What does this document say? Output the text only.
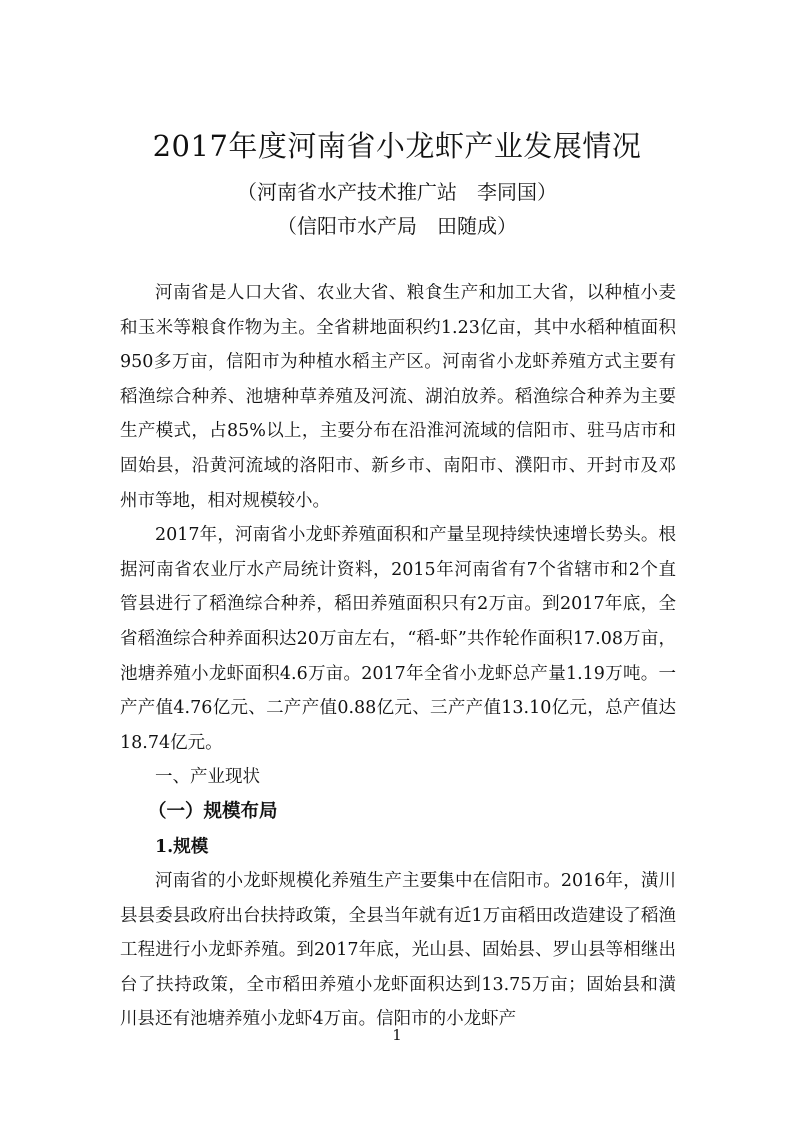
2017年度河南省小龙虾产业发展情况
（河南省水产技术推广站　李同国）
（信阳市水产局　田随成）

河南省是人口大省、农业大省、粮食生产和加工大省，以种植小麦和玉米等粮食作物为主。全省耕地面积约1.23亿亩，其中水稻种植面积950多万亩，信阳市为种植水稻主产区。河南省小龙虾养殖方式主要有稻渔综合种养、池塘种草养殖及河流、湖泊放养。稻渔综合种养为主要生产模式，占85%以上，主要分布在沿淮河流域的信阳市、驻马店市和固始县，沿黄河流域的洛阳市、新乡市、南阳市、濮阳市、开封市及邓州市等地，相对规模较小。

2017年，河南省小龙虾养殖面积和产量呈现持续快速增长势头。根据河南省农业厅水产局统计资料，2015年河南省有7个省辖市和2个直管县进行了稻渔综合种养，稻田养殖面积只有2万亩。到2017年底，全省稻渔综合种养面积达20万亩左右，“稻-虾”共作轮作面积17.08万亩，池塘养殖小龙虾面积4.6万亩。2017年全省小龙虾总产量1.19万吨。一产产值4.76亿元、二产产值0.88亿元、三产产值13.10亿元，总产值达18.74亿元。

一、产业现状

（一）规模布局

1.规模

河南省的小龙虾规模化养殖生产主要集中在信阳市。2016年，潢川县县委县政府出台扶持政策，全县当年就有近1万亩稻田改造建设了稻渔工程进行小龙虾养殖。到2017年底，光山县、固始县、罗山县等相继出台了扶持政策，全市稻田养殖小龙虾面积达到13.75万亩；固始县和潢川县还有池塘养殖小龙虾4万亩。信阳市的小龙虾产

1
